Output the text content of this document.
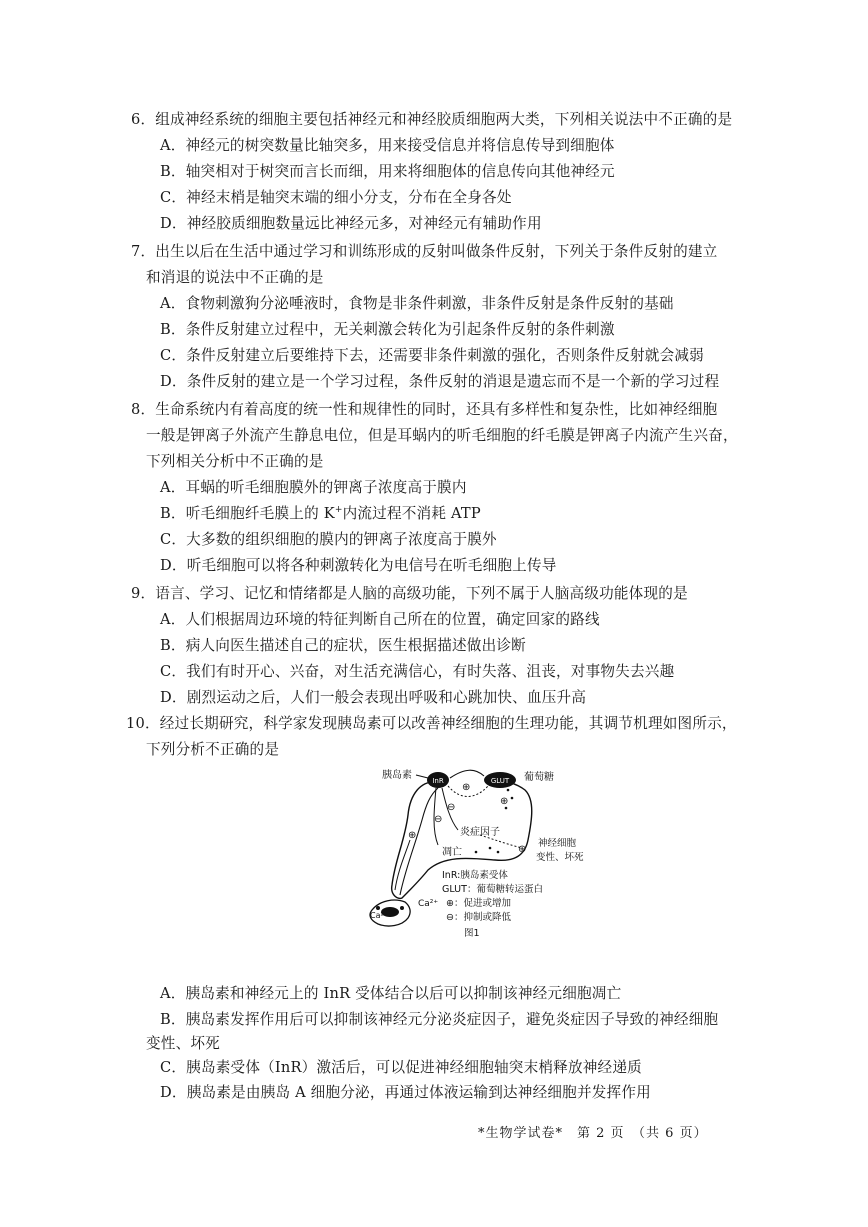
6．组成神经系统的细胞主要包括神经元和神经胶质细胞两大类，下列相关说法中不正确的是
A．神经元的树突数量比轴突多，用来接受信息并将信息传导到细胞体
B．轴突相对于树突而言长而细，用来将细胞体的信息传向其他神经元
C．神经末梢是轴突末端的细小分支，分布在全身各处
D．神经胶质细胞数量远比神经元多，对神经元有辅助作用
7．出生以后在生活中通过学习和训练形成的反射叫做条件反射，下列关于条件反射的建立
和消退的说法中不正确的是
A．食物刺激狗分泌唾液时，食物是非条件刺激，非条件反射是条件反射的基础
B．条件反射建立过程中，无关刺激会转化为引起条件反射的条件刺激
C．条件反射建立后要维持下去，还需要非条件刺激的强化，否则条件反射就会减弱
D．条件反射的建立是一个学习过程，条件反射的消退是遗忘而不是一个新的学习过程
8．生命系统内有着高度的统一性和规律性的同时，还具有多样性和复杂性，比如神经细胞
一般是钾离子外流产生静息电位，但是耳蜗内的听毛细胞的纤毛膜是钾离子内流产生兴奋，
下列相关分析中不正确的是
A．耳蜗的听毛细胞膜外的钾离子浓度高于膜内
B．听毛细胞纤毛膜上的 K+内流过程不消耗 ATP
C．大多数的组织细胞的膜内的钾离子浓度高于膜外
D．听毛细胞可以将各种刺激转化为电信号在听毛细胞上传导
9．语言、学习、记忆和情绪都是人脑的高级功能，下列不属于人脑高级功能体现的是
A．人们根据周边环境的特征判断自己所在的位置，确定回家的路线
B．病人向医生描述自己的症状，医生根据描述做出诊断
C．我们有时开心、兴奋，对生活充满信心，有时失落、沮丧，对事物失去兴趣
D．剧烈运动之后，人们一般会表现出呼吸和心跳加快、血压升高
10．经过长期研究，科学家发现胰岛素可以改善神经细胞的生理功能，其调节机理如图所示，
下列分析不正确的是
InR	GLUT
胰岛素	葡萄糖
⊕
⊖
⊖
⊕
⊕
⊕
炎症因子
凋亡
神经细胞
变性、坏死
Ca²⁺
Ca²⁺
InR:胰岛素受体
GLUT：葡萄糖转运蛋白
⊕：促进或增加
⊖：抑制或降低
图1
A．胰岛素和神经元上的 InR 受体结合以后可以抑制该神经元细胞凋亡
B．胰岛素发挥作用后可以抑制该神经元分泌炎症因子，避免炎症因子导致的神经细胞
变性、坏死
C．胰岛素受体（InR）激活后，可以促进神经细胞轴突末梢释放神经递质
D．胰岛素是由胰岛 A 细胞分泌，再通过体液运输到达神经细胞并发挥作用
*生物学试卷*　第 2 页　（共 6 页）
